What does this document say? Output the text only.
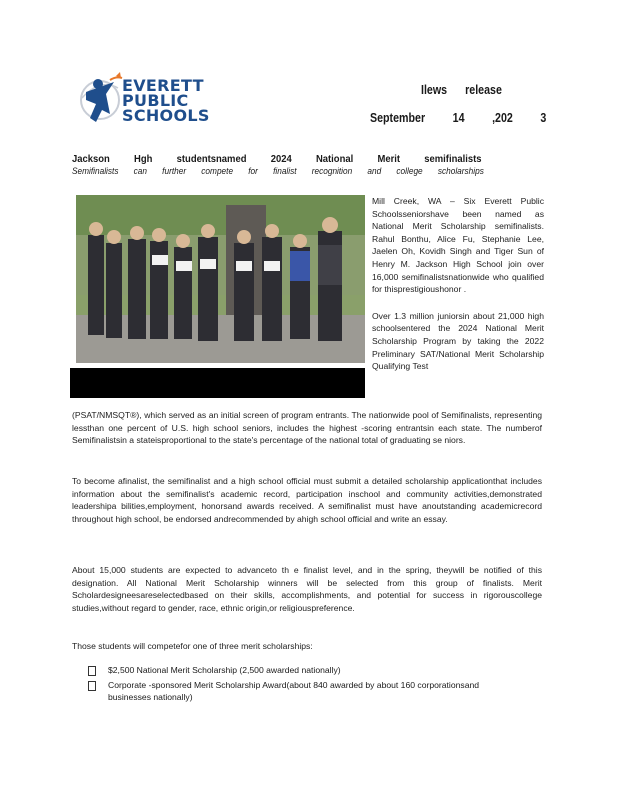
EVERETT
PUBLIC
SCHOOLS
Ilews release
September 14 ,202 3
Jackson Hgh studentsnamed 2024 National Merit semifinalists
Semifinalists can further compete for finalist recognition and college scholarships

Mill Creek, WA – Six Everett Public Schoolsseniorshave been named as National Merit Scholarship semifinalists. Rahul Bonthu, Alice Fu, Stephanie Lee, Jaelen Oh, Kovidh Singh and Tiger Sun of Henry M. Jackson High School join over 16,000 semifinalistsnationwide who qualified for thisprestigioushonor .

Over 1.3 million juniorsin about 21,000 high schoolsentered the 2024 National Merit Scholarship Program by taking the 2022 Preliminary SAT/National Merit Scholarship Qualifying Test

(PSAT/NMSQT®), which served as an initial screen of program entrants. The nationwide pool of Semifinalists, representing lessthan one percent of U.S. high school seniors, includes the highest -scoring entrantsin each state. The numberof Semifinalistsin a stateisproportional to the state's percentage of the national total of graduating se niors.

To become afinalist, the semifinalist and a high school official must submit a detailed scholarship applicationthat includes information about the semifinalist's academic record, participation inschool and community activities,demonstrated leadershipa bilities,employment, honorsand awards received. A semifinalist must have anoutstanding academicrecord throughout high school, be endorsed andrecommended by ahigh school official and write an essay.

About 15,000 students are expected to advanceto th e finalist level, and in the spring, theywill be notified of this designation. All National Merit Scholarship winners will be selected from this group of finalists. Merit Scholardesigneesareselectedbased on their skills, accomplishments, and potential for success in rigorouscollege studies,without regard to gender, race, ethnic origin,or religiouspreference.

Those students will competefor one of three merit scholarships:

$2,500 National Merit Scholarship (2,500 awarded nationally)
Corporate -sponsored Merit Scholarship Award(about 840 awarded by about 160 corporationsand businesses nationally)
